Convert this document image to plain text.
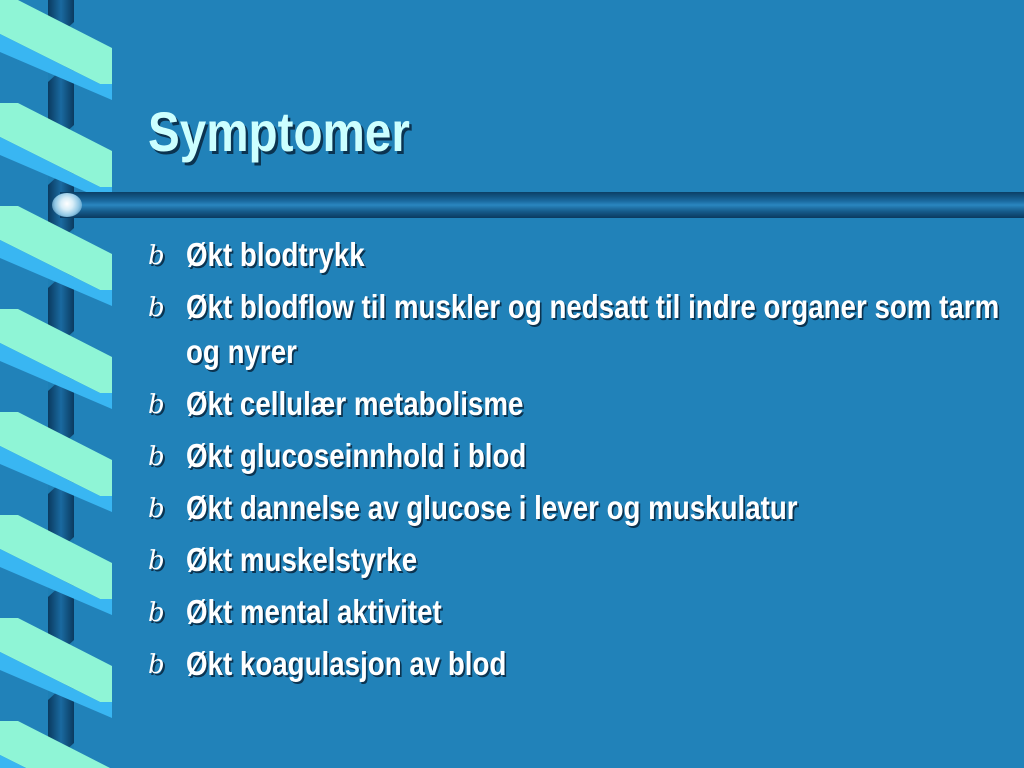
Symptomer
b Økt blodtrykk
b Økt blodflow til muskler og nedsatt til indre organer som tarm og nyrer
b Økt cellulær metabolisme
b Økt glucoseinnhold i blod
b Økt dannelse av glucose i lever og muskulatur
b Økt muskelstyrke
b Økt mental aktivitet
b Økt koagulasjon av blod
